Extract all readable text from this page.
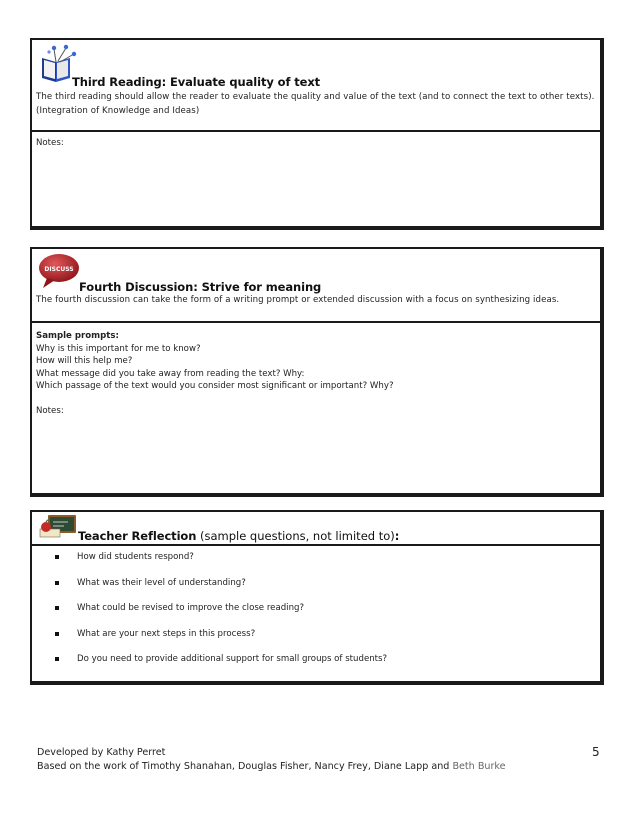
Third Reading: Evaluate quality of text
The third reading should allow the reader to evaluate the quality and value of the text (and to connect the text to other texts). (Integration of Knowledge and Ideas)
Notes:
DISCUSS
Fourth Discussion: Strive for meaning
The fourth discussion can take the form of a writing prompt or extended discussion with a focus on synthesizing ideas.
Sample prompts:
Why is this important for me to know?
How will this help me?
What message did you take away from reading the text? Why:
Which passage of the text would you consider most significant or important? Why?
Notes:
Teacher Reflection (sample questions, not limited to):
How did students respond?
What was their level of understanding?
What could be revised to improve the close reading?
What are your next steps in this process?
Do you need to provide additional support for small groups of students?
Developed by Kathy Perret
Based on the work of Timothy Shanahan, Douglas Fisher, Nancy Frey, Diane Lapp and Beth Burke
5
